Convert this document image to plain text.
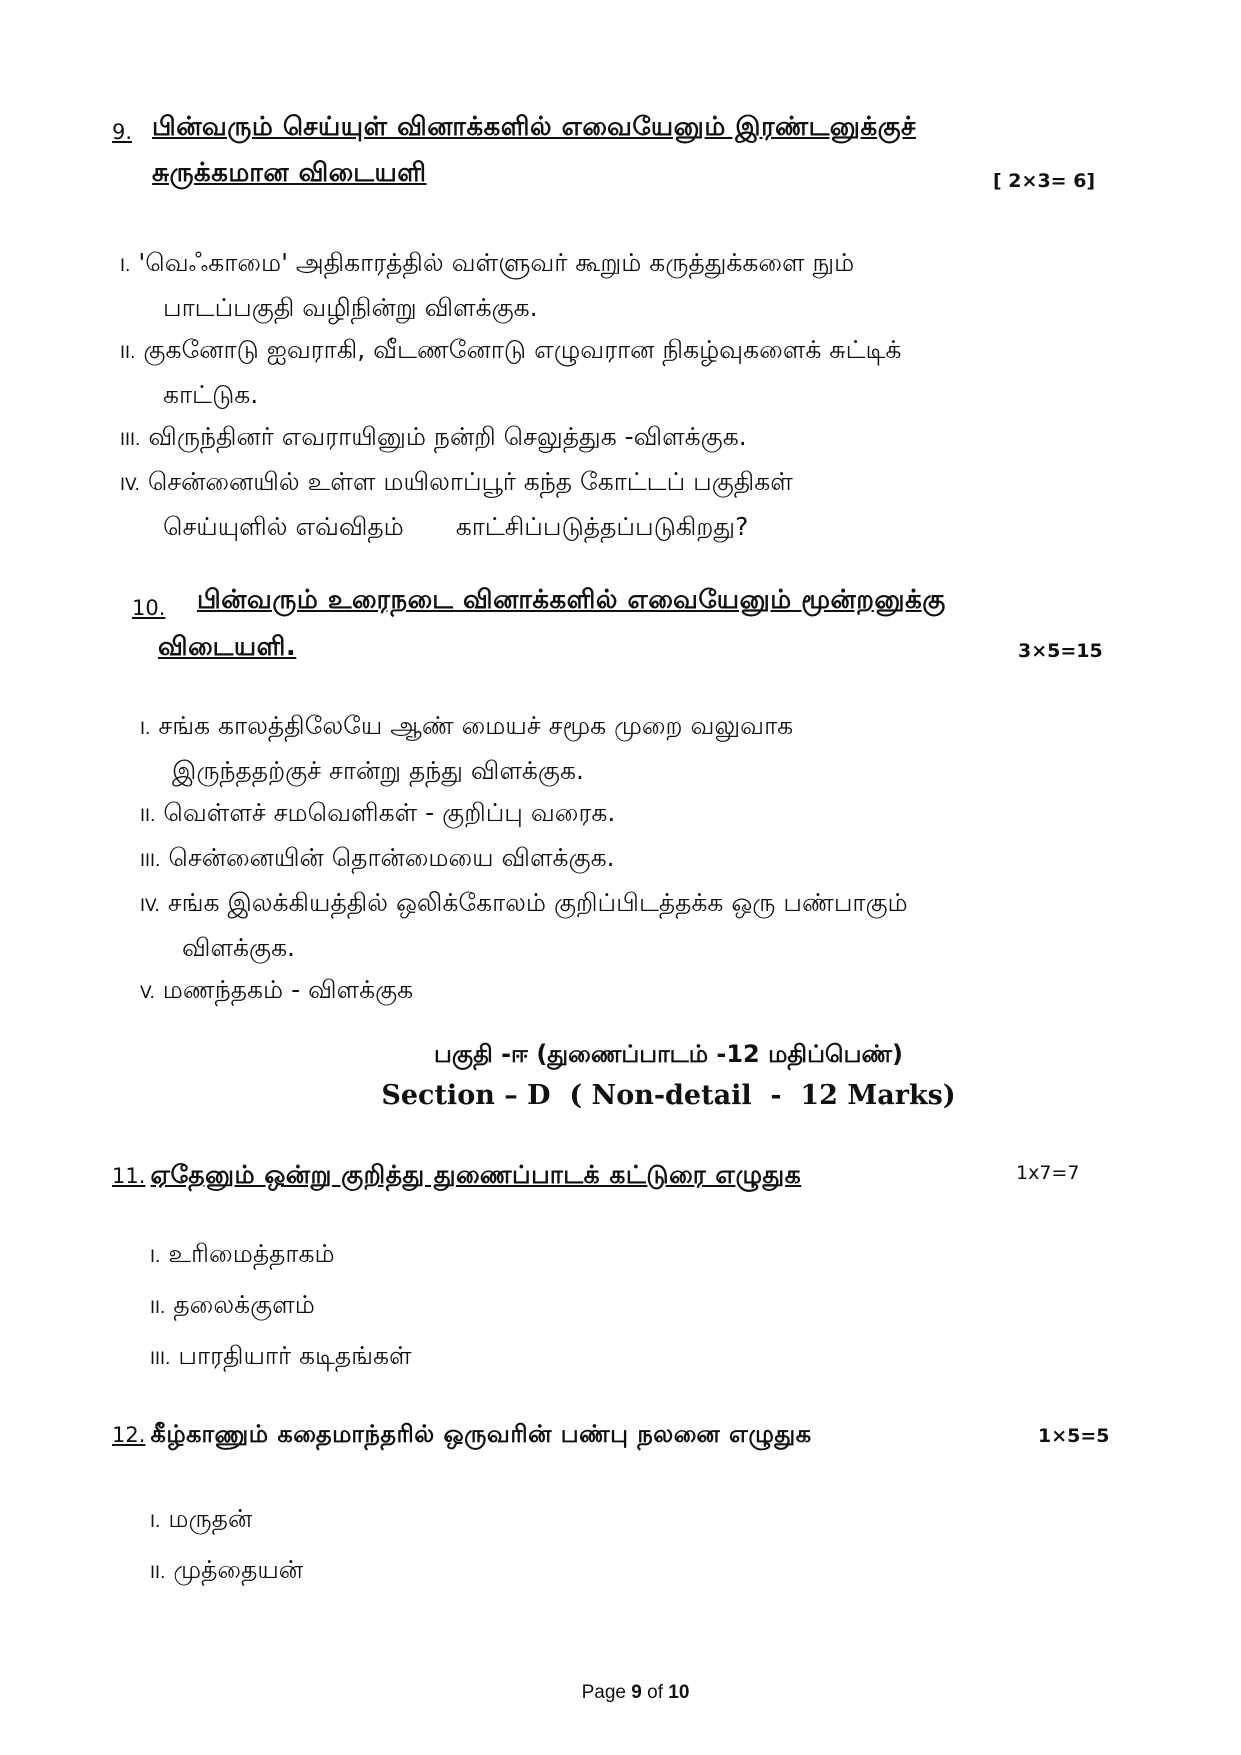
9. பின்வரும் செய்யுள் வினாக்களில் எவையேனும் இரண்டனுக்குச்
சுருக்கமான விடையளி	[ 2×3= 6]
I. 'வெஃகாமை' அதிகாரத்தில் வள்ளுவர் கூறும் கருத்துக்களை நும்
பாடப்பகுதி வழிநின்று விளக்குக.
II. குகனோடு ஐவராகி, வீடணனோடு எழுவரான நிகழ்வுகளைக் சுட்டிக்
காட்டுக.
III. விருந்தினர் எவராயினும் நன்றி செலுத்துக -விளக்குக.
IV. சென்னையில் உள்ள மயிலாப்பூர் கந்த கோட்டப் பகுதிகள்
செய்யுளில் எவ்விதம் காட்சிப்படுத்தப்படுகிறது?
10. பின்வரும் உரைநடை வினாக்களில் எவையேனும் மூன்றனுக்கு
விடையளி.	3×5=15
I. சங்க காலத்திலேயே ஆண் மையச் சமூக முறை வலுவாக
இருந்ததற்குச் சான்று தந்து விளக்குக.
II. வெள்ளச் சமவெளிகள் - குறிப்பு வரைக.
III. சென்னையின் தொன்மையை விளக்குக.
IV. சங்க இலக்கியத்தில் ஒலிக்கோலம் குறிப்பிடத்தக்க ஒரு பண்பாகும்
விளக்குக.
V. மணந்தகம் - விளக்குக
பகுதி -ஈ (துணைப்பாடம் -12 மதிப்பெண்)
Section – D  ( Non-detail  -  12 Marks)
11. ஏதேனும் ஒன்று குறித்து துணைப்பாடக் கட்டுரை எழுதுக	1x7=7
I. உரிமைத்தாகம்
II. தலைக்குளம்
III. பாரதியார் கடிதங்கள்
12. கீழ்காணும் கதைமாந்தரில் ஒருவரின் பண்பு நலனை எழுதுக	1×5=5
I. மருதன்
II. முத்தையன்
Page 9 of 10
